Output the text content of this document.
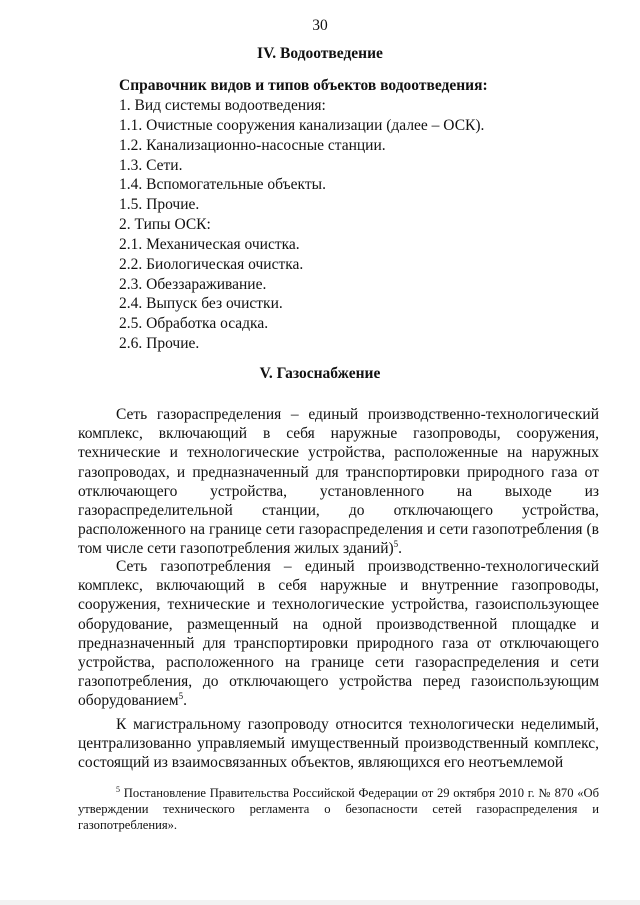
30
IV. Водоотведение
Справочник видов и типов объектов водоотведения:
1. Вид системы водоотведения:
1.1. Очистные сооружения канализации (далее – ОСК).
1.2. Канализационно-насосные станции.
1.3. Сети.
1.4. Вспомогательные объекты.
1.5. Прочие.
2. Типы ОСК:
2.1. Механическая очистка.
2.2. Биологическая очистка.
2.3. Обеззараживание.
2.4. Выпуск без очистки.
2.5. Обработка осадка.
2.6. Прочие.
V. Газоснабжение

Сеть газораспределения – единый производственно-технологический комплекс, включающий в себя наружные газопроводы, сооружения, технические и технологические устройства, расположенные на наружных газопроводах, и предназначенный для транспортировки природного газа от отключающего устройства, установленного на выходе из газораспределительной станции, до отключающего устройства, расположенного на границе сети газораспределения и сети газопотребления (в том числе сети газопотребления жилых зданий)$^5$.

Сеть газопотребления – единый производственно-технологический комплекс, включающий в себя наружные и внутренние газопроводы, сооружения, технические и технологические устройства, газоиспользующее оборудование, размещенный на одной производственной площадке и предназначенный для транспортировки природного газа от отключающего устройства, расположенного на границе сети газораспределения и сети газопотребления, до отключающего устройства перед газоиспользующим оборудованием$^5$.

К магистральному газопроводу относится технологически неделимый, централизованно управляемый имущественный производственный комплекс, состоящий из взаимосвязанных объектов, являющихся его неотъемлемой

$^5$ Постановление Правительства Российской Федерации от 29 октября 2010 г. № 870 «Об утверждении технического регламента о безопасности сетей газораспределения и газопотребления».
